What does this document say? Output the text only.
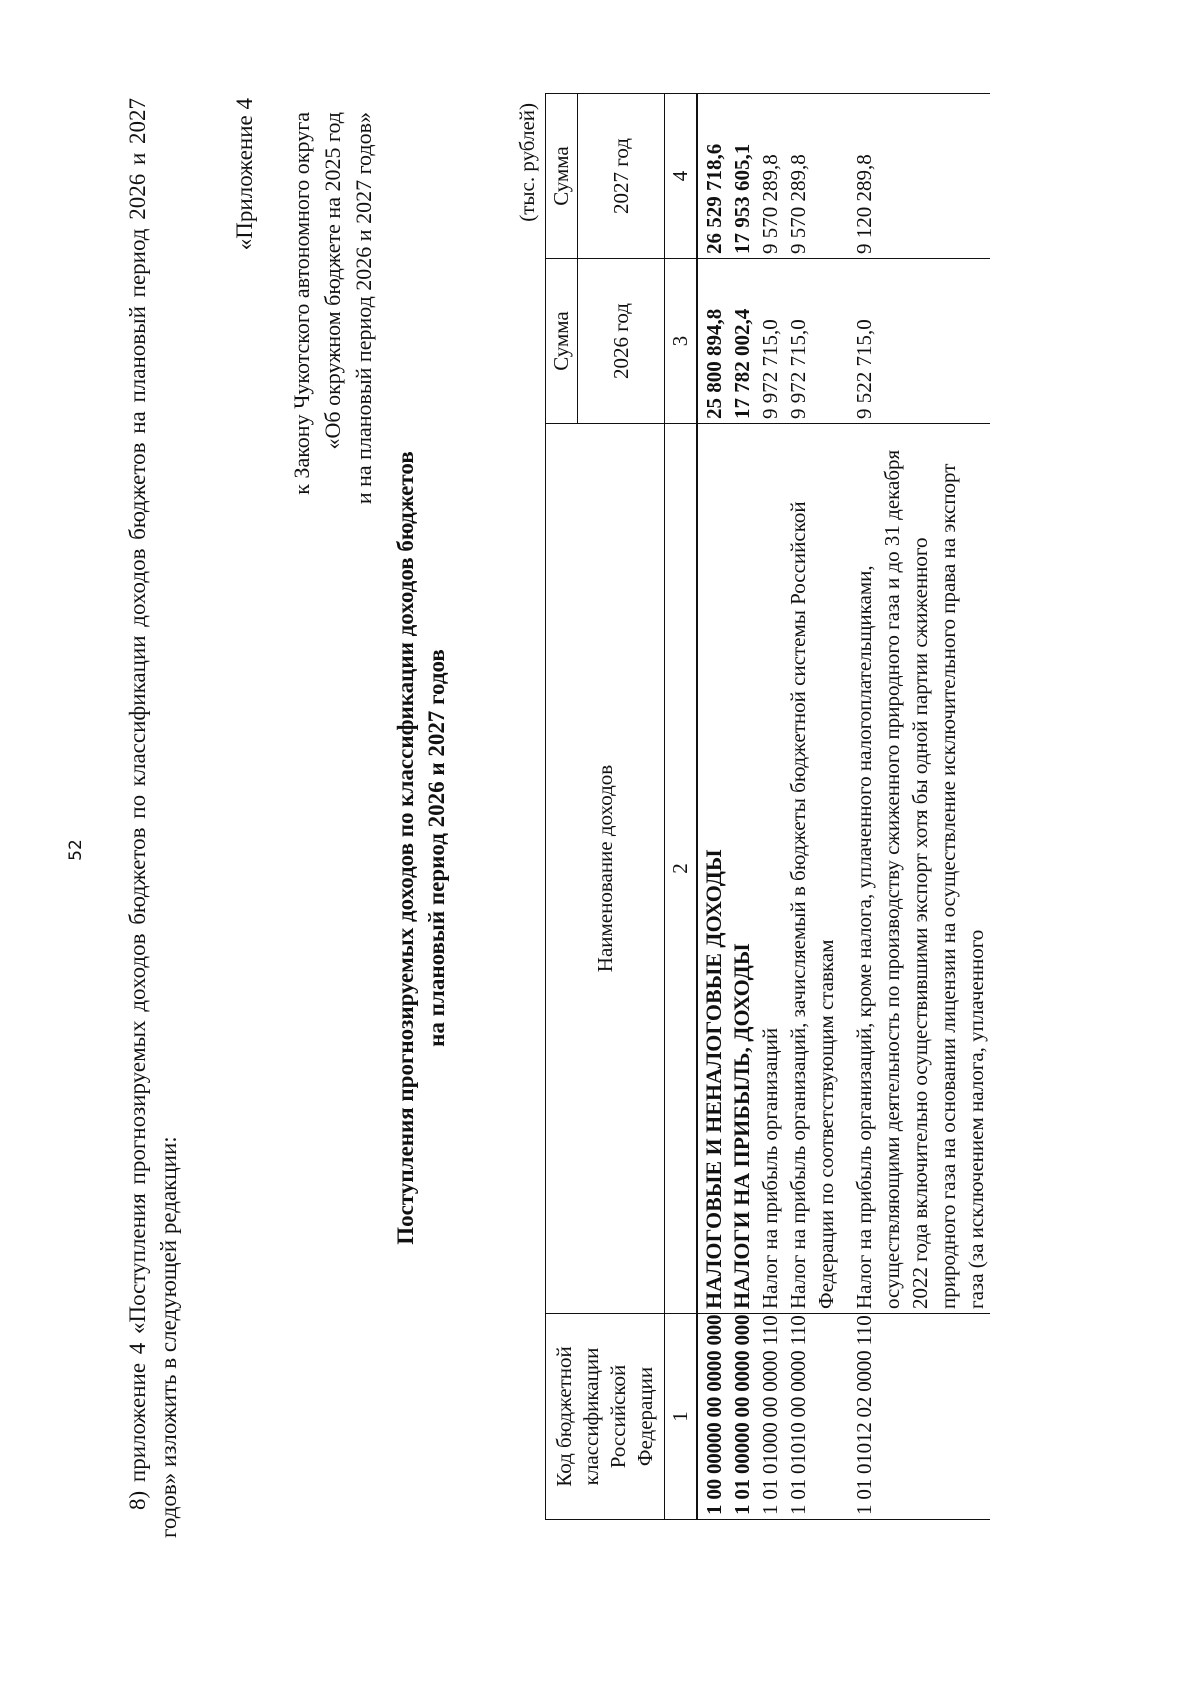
52 8) приложение 4 «Поступления прогнозируемых доходов бюджетов по классификации доходов бюджетов на плановый период 2026 и 2027 годов» изложить в следующей редакции:

«Приложение 4 к Закону Чукотского автономного округа «Об окружном бюджете на 2025 год и на плановый период 2026 и 2027 годов»
Поступления прогнозируемых доходов по классификации доходов бюджетов на плановый период 2026 и 2027 годов
(тыс. рублей)
Код бюджетной классификации Российской Федерации	Наименование доходов	Сумма	Сумма
		2026 год	2027 год
1	2	3	4
1 00 00000 00 0000 000	НАЛОГОВЫЕ И НЕНАЛОГОВЫЕ ДОХОДЫ	25 800 894,8	26 529 718,6
1 01 00000 00 0000 000	НАЛОГИ НА ПРИБЫЛЬ, ДОХОДЫ	17 782 002,4	17 953 605,1
1 01 01000 00 0000 110	Налог на прибыль организаций	9 972 715,0	9 570 289,8
1 01 01010 00 0000 110	Налог на прибыль организаций, зачисляемый в бюджеты бюджетной системы Российской Федерации по соответствующим ставкам	9 972 715,0	9 570 289,8

1 01 01012 02 0000 110	Налог на прибыль организаций, кроме налога, уплаченного налогоплательщиками, осуществляющими деятельность по производству сжиженного природного газа и до 31 декабря 2022 года включительно осуществившими экспорт хотя бы одной партии сжиженного природного газа на основании лицензии на осуществление исключительного права на экспорт газа (за исключением налога, уплаченного	9 522 715,0	9 120 289,8
